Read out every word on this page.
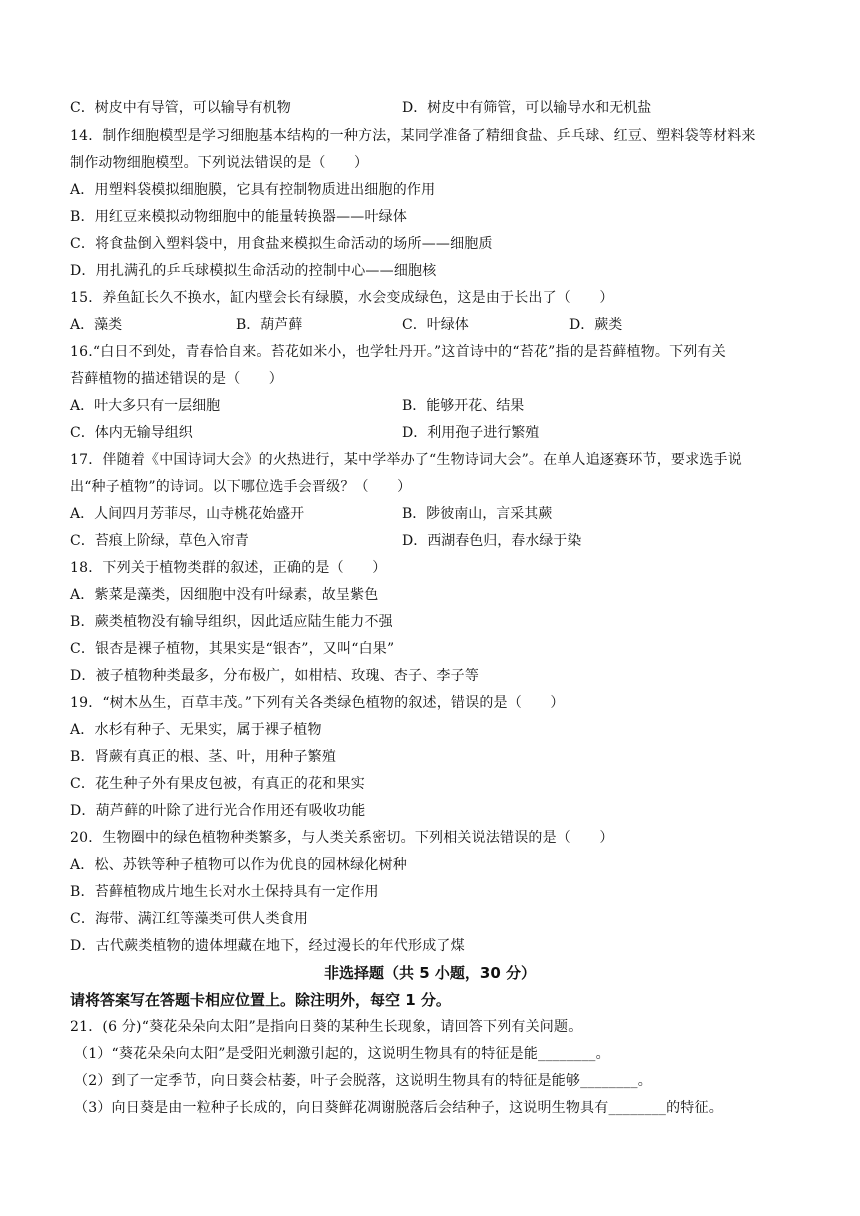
C．树皮中有导管，可以输导有机物	D．树皮中有筛管，可以输导水和无机盐
14．制作细胞模型是学习细胞基本结构的一种方法，某同学准备了精细食盐、乒乓球、红豆、塑料袋等材料来
制作动物细胞模型。下列说法错误的是（　　）
A．用塑料袋模拟细胞膜，它具有控制物质进出细胞的作用
B．用红豆来模拟动物细胞中的能量转换器——叶绿体
C．将食盐倒入塑料袋中，用食盐来模拟生命活动的场所——细胞质
D．用扎满孔的乒乓球模拟生命活动的控制中心——细胞核
15．养鱼缸长久不换水，缸内壁会长有绿膜，水会变成绿色，这是由于长出了（　　）
A．藻类	B．葫芦藓	C．叶绿体	D．蕨类
16.“白日不到处，青春恰自来。苔花如米小，也学牡丹开。”这首诗中的“苔花”指的是苔藓植物。下列有关
苔藓植物的描述错误的是（　　）
A．叶大多只有一层细胞	B．能够开花、结果
C．体内无输导组织	D．利用孢子进行繁殖
17．伴随着《中国诗词大会》的火热进行，某中学举办了“生物诗词大会”。在单人追逐赛环节，要求选手说
出“种子植物”的诗词。以下哪位选手会晋级？（　　）
A．人间四月芳菲尽，山寺桃花始盛开	B．陟彼南山，言采其蕨
C．苔痕上阶绿，草色入帘青	D．西湖春色归，春水绿于染
18．下列关于植物类群的叙述，正确的是（　　）
A．紫菜是藻类，因细胞中没有叶绿素，故呈紫色
B．蕨类植物没有输导组织，因此适应陆生能力不强
C．银杏是裸子植物，其果实是“银杏”，又叫“白果”
D．被子植物种类最多，分布极广，如柑桔、玫瑰、杏子、李子等
19．“树木丛生，百草丰茂。”下列有关各类绿色植物的叙述，错误的是（　　）
A．水杉有种子、无果实，属于裸子植物
B．肾蕨有真正的根、茎、叶，用种子繁殖
C．花生种子外有果皮包被，有真正的花和果实
D．葫芦藓的叶除了进行光合作用还有吸收功能
20．生物圈中的绿色植物种类繁多，与人类关系密切。下列相关说法错误的是（　　）
A．松、苏铁等种子植物可以作为优良的园林绿化树种
B．苔藓植物成片地生长对水土保持具有一定作用
C．海带、满江红等藻类可供人类食用
D．古代蕨类植物的遗体埋藏在地下，经过漫长的年代形成了煤
非选择题（共 5 小题，30 分）
请将答案写在答题卡相应位置上。除注明外，每空 1 分。
21．(6 分)“葵花朵朵向太阳”是指向日葵的某种生长现象，请回答下列有关问题。
（1）“葵花朵朵向太阳”是受阳光刺激引起的，这说明生物具有的特征是能________。
（2）到了一定季节，向日葵会枯萎，叶子会脱落，这说明生物具有的特征是能够________。
（3）向日葵是由一粒种子长成的，向日葵鲜花凋谢脱落后会结种子，这说明生物具有________的特征。
